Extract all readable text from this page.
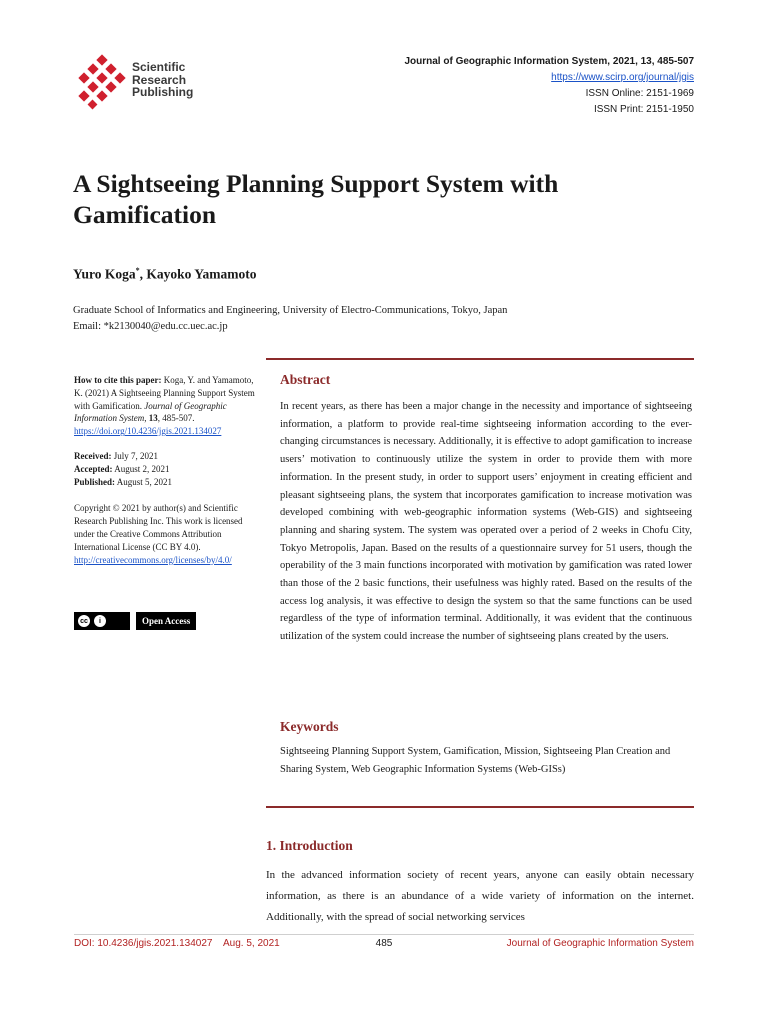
Scientific
Research
Publishing
Journal of Geographic Information System, 2021, 13, 485-507
https://www.scirp.org/journal/jgis
ISSN Online: 2151-1969
ISSN Print: 2151-1950
A Sightseeing Planning Support System with Gamification
Yuro Koga*, Kayoko Yamamoto
Graduate School of Informatics and Engineering, University of Electro-Communications, Tokyo, Japan
Email: *k2130040@edu.cc.uec.ac.jp

How to cite this paper: Koga, Y. and Yamamoto, K. (2021) A Sightseeing Planning Support System with Gamification. Journal of Geographic Information System, 13, 485-507.
https://doi.org/10.4236/jgis.2021.134027

Received: July 7, 2021
Accepted: August 2, 2021
Published: August 5, 2021

Copyright © 2021 by author(s) and Scientific Research Publishing Inc. This work is licensed under the Creative Commons Attribution International License (CC BY 4.0).
http://creativecommons.org/licenses/by/4.0/

cc	i	Open Access
Abstract
In recent years, as there has been a major change in the necessity and importance of sightseeing information, a platform to provide real-time sightseeing information according to the ever-changing circumstances is necessary. Additionally, it is effective to adopt gamification to increase users’ motivation to continuously utilize the system in order to provide them with more information. In the present study, in order to support users’ enjoyment in creating efficient and pleasant sightseeing plans, the system that incorporates gamification to increase motivation was developed combining with web-geographic information systems (Web-GIS) and sightseeing planning and sharing system. The system was operated over a period of 2 weeks in Chofu City, Tokyo Metropolis, Japan. Based on the results of a questionnaire survey for 51 users, though the operability of the 3 main functions incorporated with motivation by gamification was rated lower than those of the 2 basic functions, their usefulness was highly rated. Based on the results of the access log analysis, it was effective to design the system so that the same functions can be used regardless of the type of information terminal. Additionally, it was evident that the continuous utilization of the system could increase the number of sightseeing plans created by the users.
Keywords
Sightseeing Planning Support System, Gamification, Mission, Sightseeing Plan Creation and Sharing System, Web Geographic Information Systems (Web-GISs)
1. Introduction
In the advanced information society of recent years, anyone can easily obtain necessary information, as there is an abundance of a wide variety of information on the internet. Additionally, with the spread of social networking services
DOI: 10.4236/jgis.2021.134027    Aug. 5, 2021	485	Journal of Geographic Information System
